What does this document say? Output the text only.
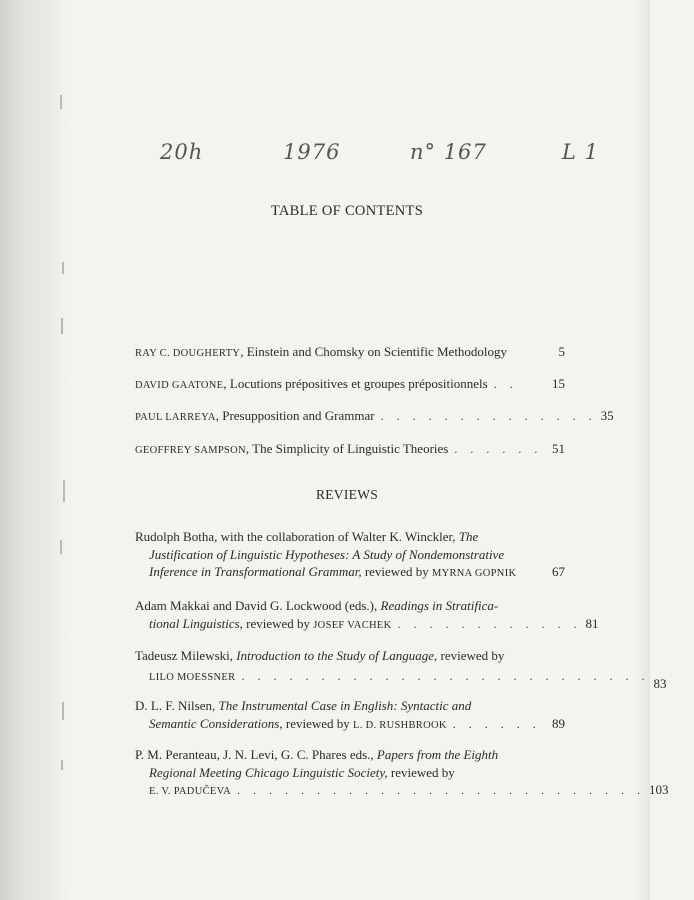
20h	1976	n° 167	L 1
TABLE OF CONTENTS
RAY C. DOUGHERTY, Einstein and Chomsky on Scientific Methodology	5
DAVID GAATONE, Locutions prépositives et groupes prépositionnels . .	15
PAUL LARREYA, Presupposition and Grammar . . . . . . . . . . . . . . 35
GEOFFREY SAMPSON, The Simplicity of Linguistic Theories . . . . . . 51
REVIEWS
Rudolph Botha, with the collaboration of Walter K. Winckler, The
Justification of Linguistic Hypotheses: A Study of Nondemonstrative
Inference in Transformational Grammar, reviewed by MYRNA GOPNIK	67
Adam Makkai and David G. Lockwood (eds.), Readings in Stratifica-
tional Linguistics, reviewed by JOSEF VACHEK . . . . . . . . . . . . 81
Tadeusz Milewski, Introduction to the Study of Language, reviewed by
LILO MOESSNER . . . . . . . . . . . . . . . . . . . . . . . . . . 83
D. L. F. Nilsen, The Instrumental Case in English: Syntactic and
Semantic Considerations, reviewed by L. D. RUSHBROOK . . . . . . 89
P. M. Peranteau, J. N. Levi, G. C. Phares eds., Papers from the Eighth
Regional Meeting Chicago Linguistic Society, reviewed by
E. V. PADUČEVA . . . . . . . . . . . . . . . . . . . . . . . . . . 103
